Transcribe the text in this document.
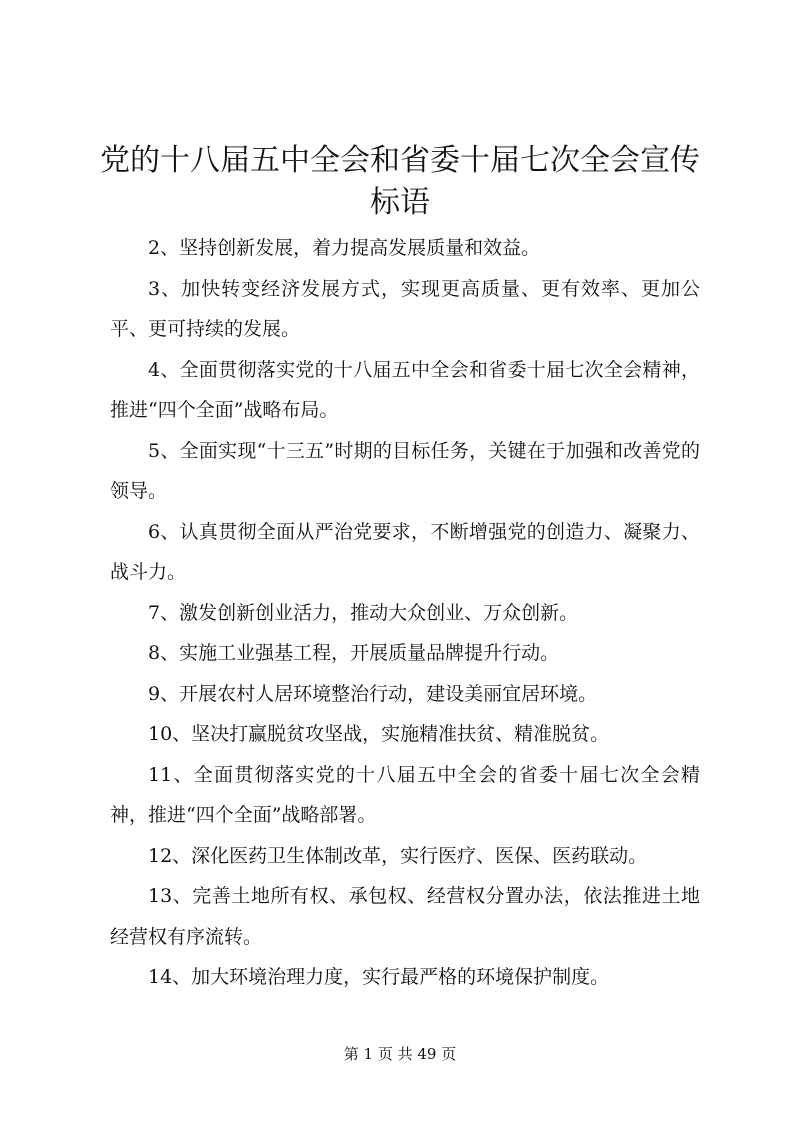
党的十八届五中全会和省委十届七次全会宣传标语

2、坚持创新发展，着力提高发展质量和效益。

3、加快转变经济发展方式，实现更高质量、更有效率、更加公平、更可持续的发展。

4、全面贯彻落实党的十八届五中全会和省委十届七次全会精神，推进“四个全面”战略布局。

5、全面实现“十三五”时期的目标任务，关键在于加强和改善党的领导。

6、认真贯彻全面从严治党要求，不断增强党的创造力、凝聚力、战斗力。

7、激发创新创业活力，推动大众创业、万众创新。

8、实施工业强基工程，开展质量品牌提升行动。

9、开展农村人居环境整治行动，建设美丽宜居环境。

10、坚决打赢脱贫攻坚战，实施精准扶贫、精准脱贫。

11、全面贯彻落实党的十八届五中全会的省委十届七次全会精神，推进“四个全面”战略部署。

12、深化医药卫生体制改革，实行医疗、医保、医药联动。

13、完善土地所有权、承包权、经营权分置办法，依法推进土地经营权有序流转。

14、加大环境治理力度，实行最严格的环境保护制度。

第 1 页 共 49 页
